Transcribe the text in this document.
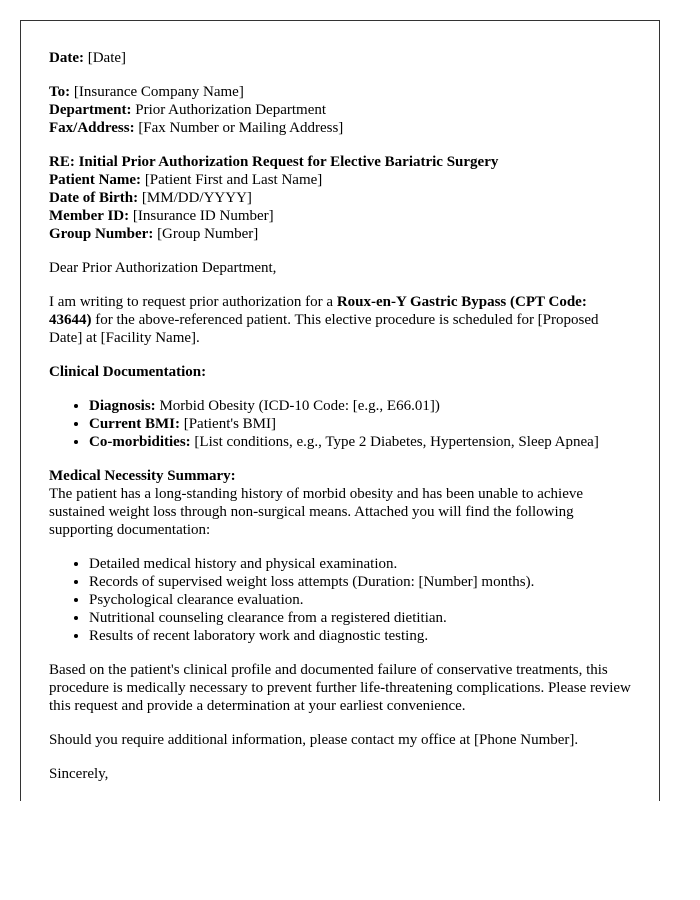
Date: [Date]

To: [Insurance Company Name]
Department: Prior Authorization Department
Fax/Address: [Fax Number or Mailing Address]

RE: Initial Prior Authorization Request for Elective Bariatric Surgery
Patient Name: [Patient First and Last Name]
Date of Birth: [MM/DD/YYYY]
Member ID: [Insurance ID Number]
Group Number: [Group Number]

Dear Prior Authorization Department,

I am writing to request prior authorization for a Roux-en-Y Gastric Bypass (CPT Code: 43644) for the above-referenced patient. This elective procedure is scheduled for [Proposed Date] at [Facility Name].

Clinical Documentation:

• Diagnosis: Morbid Obesity (ICD-10 Code: [e.g., E66.01])
• Current BMI: [Patient's BMI]
• Co-morbidities: [List conditions, e.g., Type 2 Diabetes, Hypertension, Sleep Apnea]

Medical Necessity Summary:
The patient has a long-standing history of morbid obesity and has been unable to achieve sustained weight loss through non-surgical means. Attached you will find the following supporting documentation:

• Detailed medical history and physical examination.
• Records of supervised weight loss attempts (Duration: [Number] months).
• Psychological clearance evaluation.
• Nutritional counseling clearance from a registered dietitian.
• Results of recent laboratory work and diagnostic testing.

Based on the patient's clinical profile and documented failure of conservative treatments, this procedure is medically necessary to prevent further life-threatening complications. Please review this request and provide a determination at your earliest convenience.

Should you require additional information, please contact my office at [Phone Number].

Sincerely,
